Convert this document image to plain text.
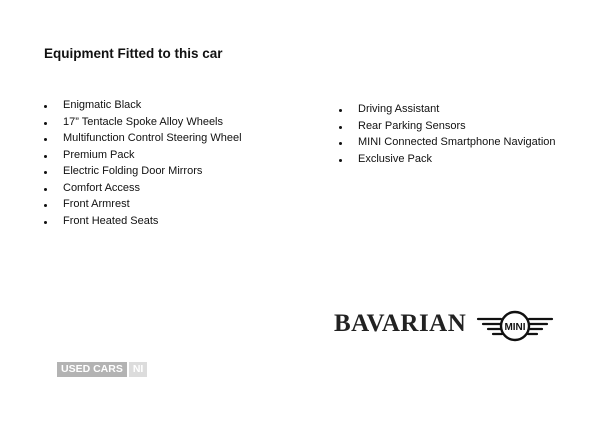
Equipment Fitted to this car
Enigmatic Black
17” Tentacle Spoke Alloy Wheels
Multifunction Control Steering Wheel
Premium Pack
Electric Folding Door Mirrors
Comfort Access
Front Armrest
Front Heated Seats
Driving Assistant
Rear Parking Sensors
MINI Connected Smartphone Navigation
Exclusive Pack
BAVARIAN	MINI
USED CARS NI
